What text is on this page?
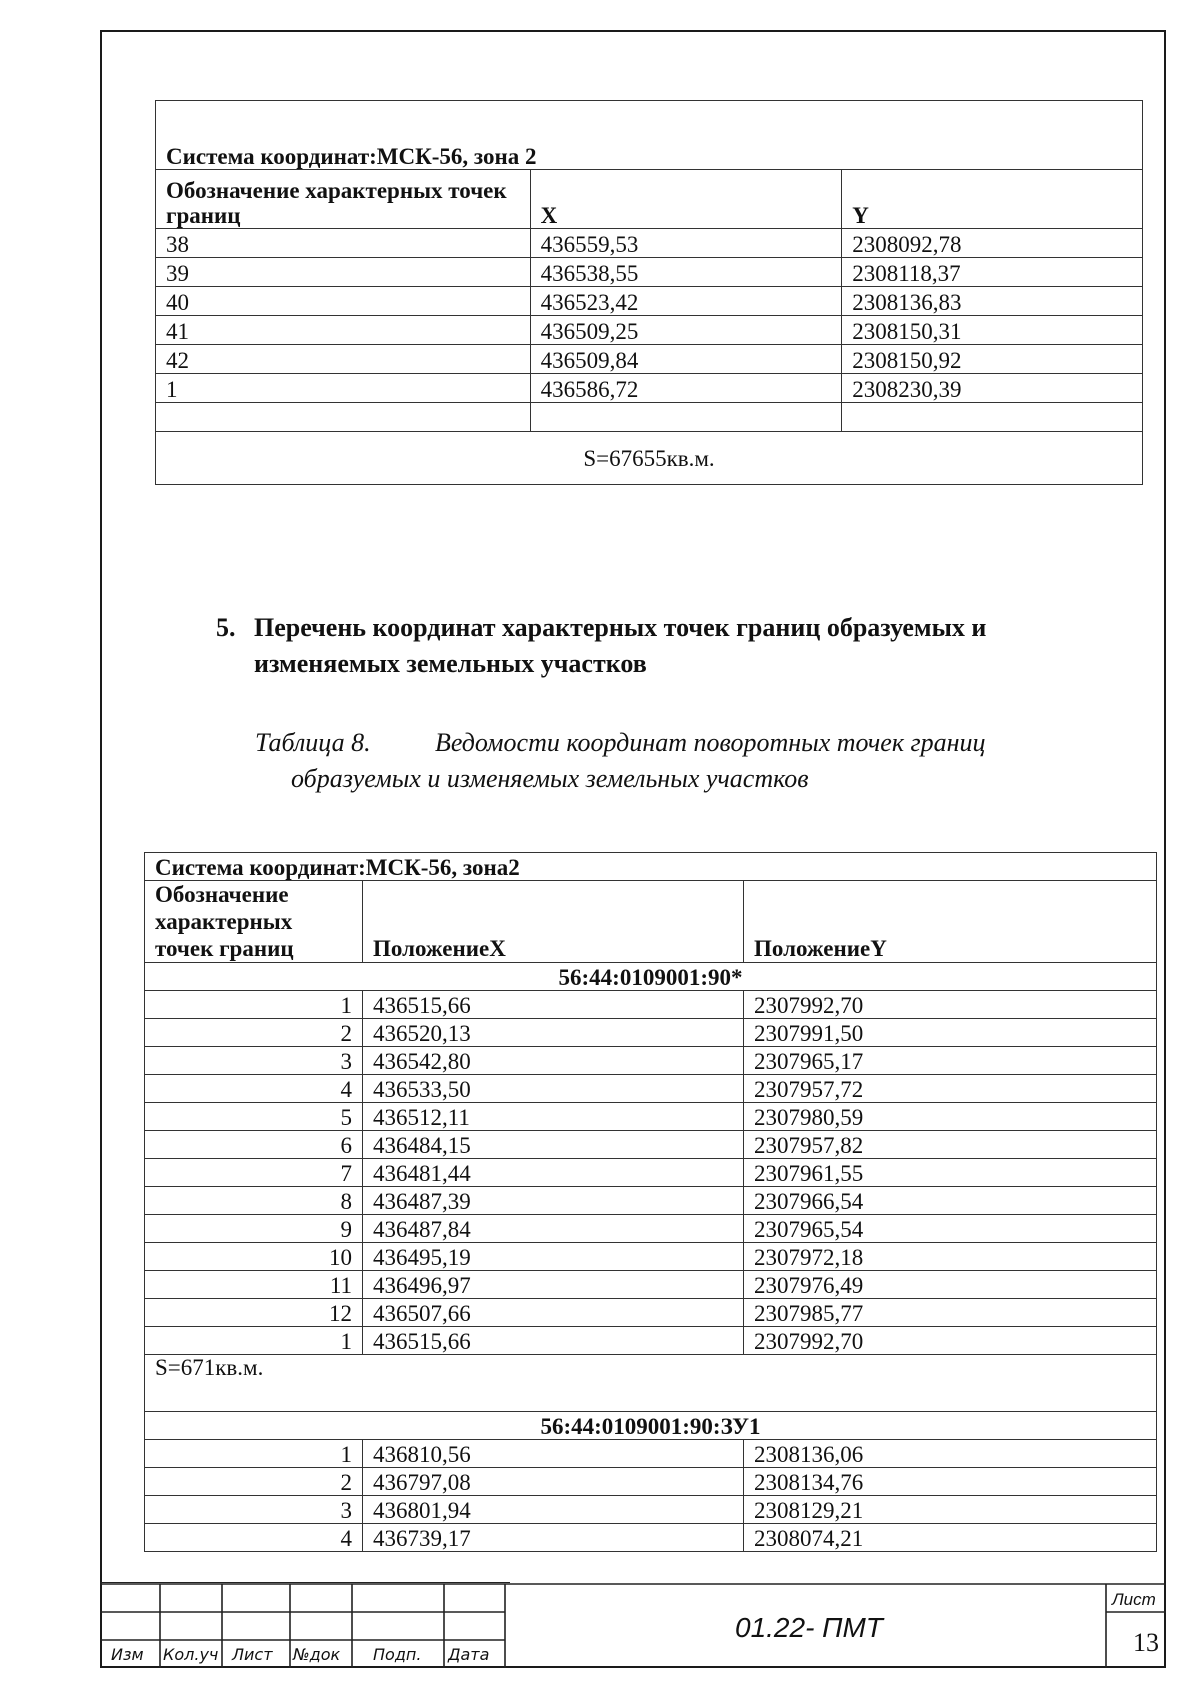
Система координат:МСК-56, зона 2		
Обозначение характерных точек границ	X	Y
38	436559,53	2308092,78
39	436538,55	2308118,37
40	436523,42	2308136,83
41	436509,25	2308150,31
42	436509,84	2308150,92
1	436586,72	2308230,39

S=67655кв.м.		
5. Перечень координат характерных точек границ образуемых и изменяемых земельных участков
Таблица 8. Ведомости координат поворотных точек границ
образуемых и изменяемых земельных участков
Система координат:МСК-56, зона2		
Обозначение характерных точек границ	ПоложениеX	ПоложениеY
56:44:0109001:90*		
1	436515,66	2307992,70
2	436520,13	2307991,50
3	436542,80	2307965,17
4	436533,50	2307957,72
5	436512,11	2307980,59
6	436484,15	2307957,82
7	436481,44	2307961,55
8	436487,39	2307966,54
9	436487,84	2307965,54
10	436495,19	2307972,18
11	436496,97	2307976,49
12	436507,66	2307985,77
1	436515,66	2307992,70
S=671кв.м.		
56:44:0109001:90:ЗУ1		
1	436810,56	2308136,06
2	436797,08	2308134,76
3	436801,94	2308129,21
4	436739,17	2308074,21
Изм Кол.уч Лист №док Подп. Дата
01.22- ПМТ
Лист
13
